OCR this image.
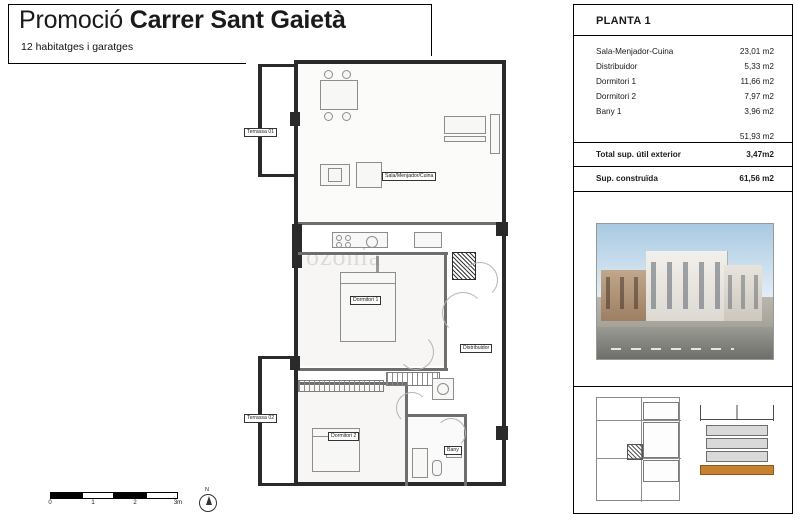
Promoció Carrer Sant Gaietà
12 habitatges i garatges
ozonia
Sala/Menjador/Cuina
Dormitori 1
Dormitori 2
Distribuidor
Bany
Terrassa 01
Terrassa 02
0	1	2	3m
N
PLANTA 1
Sala-Menjador-Cuina	23,01 m2
Distribuidor	5,33 m2
Dormitori 1	11,66 m2
Dormitori 2	7,97 m2
Bany 1	3,96 m2
51,93 m2
Total sup. útil exterior	3,47m2
Sup. construïda	61,56 m2
